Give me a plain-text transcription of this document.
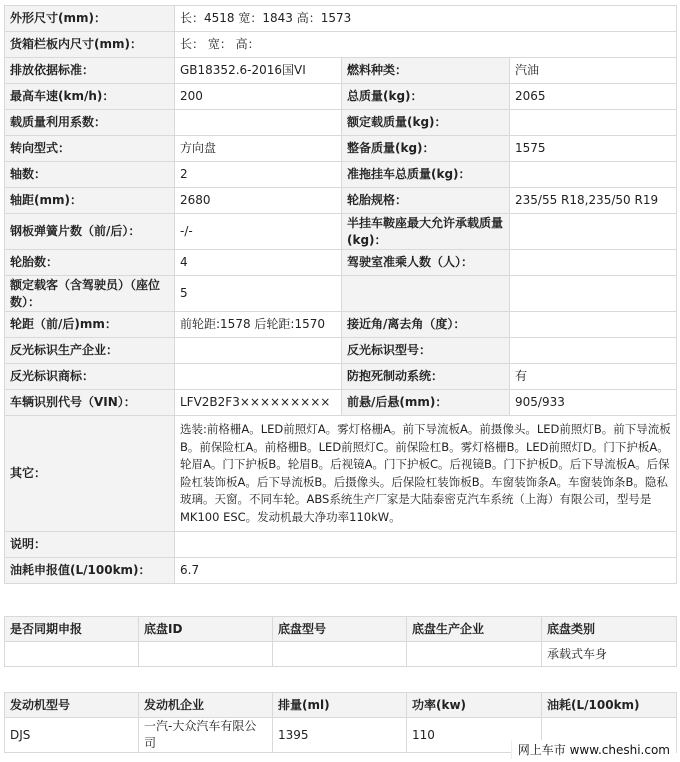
外形尺寸(mm)：	长：4518 宽：1843 高：1573		
货箱栏板内尺寸(mm)：	长： 宽： 高：		
排放依据标准：	GB18352.6-2016国VI	燃料种类：	汽油
最高车速(km/h)：	200	总质量(kg)：	2065
载质量利用系数：		额定载质量(kg)：	
转向型式：	方向盘	整备质量(kg)：	1575
轴数：	2	准拖挂车总质量(kg)：	
轴距(mm)：	2680	轮胎规格：	235/55 R18,235/50 R19
钢板弹簧片数（前/后）：	-/-	半挂车鞍座最大允许承载质量(kg)：	
轮胎数：	4	驾驶室准乘人数（人）：	
额定载客（含驾驶员）（座位数）：	5		
轮距（前/后)mm：	前轮距:1578 后轮距:1570	接近角/离去角（度）：	
反光标识生产企业：		反光标识型号：	
反光标识商标：		防抱死制动系统：	有
车辆识别代号（VIN）：	LFV2B2F3×××××××××	前悬/后悬(mm)：	905/933
其它：	选装:前格栅A。LED前照灯A。雾灯格栅A。前下导流板A。前摄像头。LED前照灯B。前下导流板B。前保险杠A。前格栅B。LED前照灯C。前保险杠B。雾灯格栅B。LED前照灯D。门下护板A。轮眉A。门下护板B。轮眉B。后视镜A。门下护板C。后视镜B。门下护板D。后下导流板A。后保险杠装饰板A。后下导流板B。后摄像头。后保险杠装饰板B。车窗装饰条A。车窗装饰条B。隐私玻璃。天窗。不同车轮。ABS系统生产厂家是大陆泰密克汽车系统（上海）有限公司，型号是MK100 ESC。发动机最大净功率110kW。		
说明：			
油耗申报值(L/100km)：	6.7		
是否同期申报	底盘ID	底盘型号	底盘生产企业	底盘类别
				承载式车身
发动机型号	发动机企业	排量(ml)	功率(kw)	油耗(L/100km)
DJS	一汽-大众汽车有限公司	1395	110	
网上车市 www.cheshi.com
